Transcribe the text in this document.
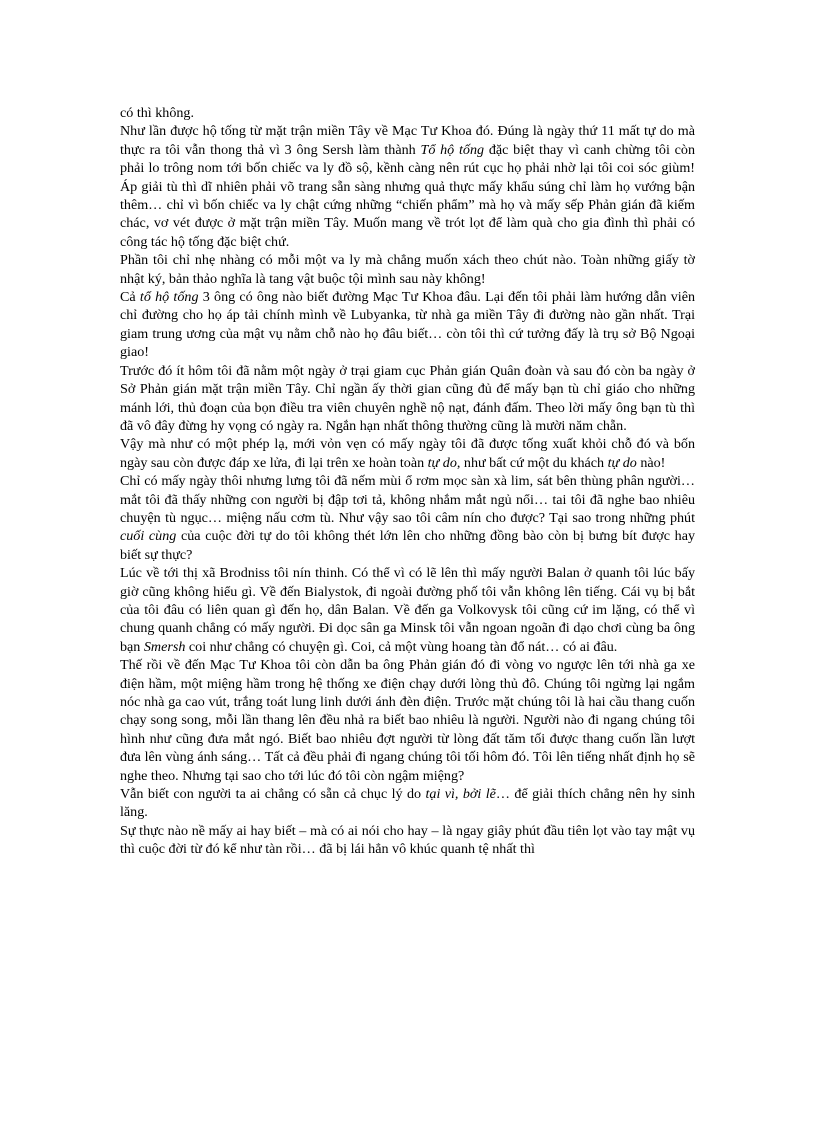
có thì không.

Như lần được hộ tống từ mặt trận miền Tây về Mạc Tư Khoa đó. Đúng là ngày thứ 11 mất tự do mà thực ra tôi vẫn thong thả vì 3 ông Sersh làm thành Tổ hộ tống đặc biệt thay vì canh chừng tôi còn phải lo trông nom tới bốn chiếc va ly đồ sộ, kềnh càng nên rút cục họ phải nhờ lại tôi coi sóc giùm! Áp giải tù thì dĩ nhiên phải võ trang sẵn sàng nhưng quả thực mấy khẩu súng chỉ làm họ vướng bận thêm… chỉ vì bốn chiếc va ly chật cứng những “chiến phẩm” mà họ và mấy sếp Phản gián đã kiếm chác, vơ vét được ở mặt trận miền Tây. Muốn mang về trót lọt để làm quà cho gia đình thì phải có công tác hộ tống đặc biệt chứ.

Phần tôi chỉ nhẹ nhàng có mỗi một va ly mà chẳng muốn xách theo chút nào. Toàn những giấy tờ nhật ký, bản thảo nghĩa là tang vật buộc tội mình sau này không!

Cả tổ hộ tống 3 ông có ông nào biết đường Mạc Tư Khoa đâu. Lại đến tôi phải làm hướng dẫn viên chỉ đường cho họ áp tải chính mình về Lubyanka, từ nhà ga miền Tây đi đường nào gần nhất. Trại giam trung ương của mật vụ nằm chỗ nào họ đâu biết… còn tôi thì cứ tưởng đấy là trụ sở Bộ Ngoại giao!

Trước đó ít hôm tôi đã nằm một ngày ở trại giam cục Phản gián Quân đoàn và sau đó còn ba ngày ở Sở Phản gián mặt trận miền Tây. Chỉ ngần ấy thời gian cũng đủ để mấy bạn tù chỉ giáo cho những mánh lới, thủ đoạn của bọn điều tra viên chuyên nghề nộ nạt, đánh đấm. Theo lời mấy ông bạn tù thì đã vô đây đừng hy vọng có ngày ra. Ngắn hạn nhất thông thường cũng là mười năm chẵn.

Vậy mà như có một phép lạ, mới vỏn vẹn có mấy ngày tôi đã được tống xuất khỏi chỗ đó và bốn ngày sau còn được đáp xe lửa, đi lại trên xe hoàn toàn tự do, như bất cứ một du khách tự do nào!

Chỉ có mấy ngày thôi nhưng lưng tôi đã nếm mùi ổ rơm mọc sàn xà lim, sát bên thùng phân người… mắt tôi đã thấy những con người bị đập tơi tả, không nhắm mắt ngủ nổi… tai tôi đã nghe bao nhiêu chuyện tù ngục… miệng nấu cơm tù. Như vậy sao tôi câm nín cho được? Tại sao trong những phút cuối cùng của cuộc đời tự do tôi không thét lớn lên cho những đồng bào còn bị bưng bít được hay biết sự thực?

Lúc về tới thị xã Brodniss tôi nín thinh. Có thể vì có lẽ lên thì mấy người Balan ở quanh tôi lúc bấy giờ cũng không hiểu gì. Về đến Bialystok, đi ngoài đường phố tôi vẫn không lên tiếng. Cái vụ bị bắt của tôi đâu có liên quan gì đến họ, dân Balan. Về đến ga Volkovysk tôi cũng cứ im lặng, có thể vì chung quanh chẳng có mấy người. Đi dọc sân ga Minsk tôi vẫn ngoan ngoãn đi dạo chơi cùng ba ông bạn Smersh coi như chẳng có chuyện gì. Coi, cả một vùng hoang tàn đổ nát… có ai đâu.

Thế rồi về đến Mạc Tư Khoa tôi còn dẫn ba ông Phản gián đó đi vòng vo ngược lên tới nhà ga xe điện hầm, một miệng hầm trong hệ thống xe điện chạy dưới lòng thủ đô. Chúng tôi ngừng lại ngắm nóc nhà ga cao vút, trắng toát lung linh dưới ánh đèn điện. Trước mặt chúng tôi là hai cầu thang cuốn chạy song song, mỗi lần thang lên đều nhả ra biết bao nhiêu là người. Người nào đi ngang chúng tôi hình như cũng đưa mắt ngó. Biết bao nhiêu đợt người từ lòng đất tăm tối được thang cuốn lần lượt đưa lên vùng ánh sáng… Tất cả đều phải đi ngang chúng tôi tối hôm đó. Tôi lên tiếng nhất định họ sẽ nghe theo. Nhưng tại sao cho tới lúc đó tôi còn ngậm miệng?

Vẫn biết con người ta ai chẳng có sẵn cả chục lý do tại vì, bởi lẽ… để giải thích chẳng nên hy sinh lăng.

Sự thực nào nề mấy ai hay biết – mà có ai nói cho hay – là ngay giây phút đầu tiên lọt vào tay mật vụ thì cuộc đời từ đó kể như tàn rồi… đã bị lái hẳn vô khúc quanh tệ nhất thì
